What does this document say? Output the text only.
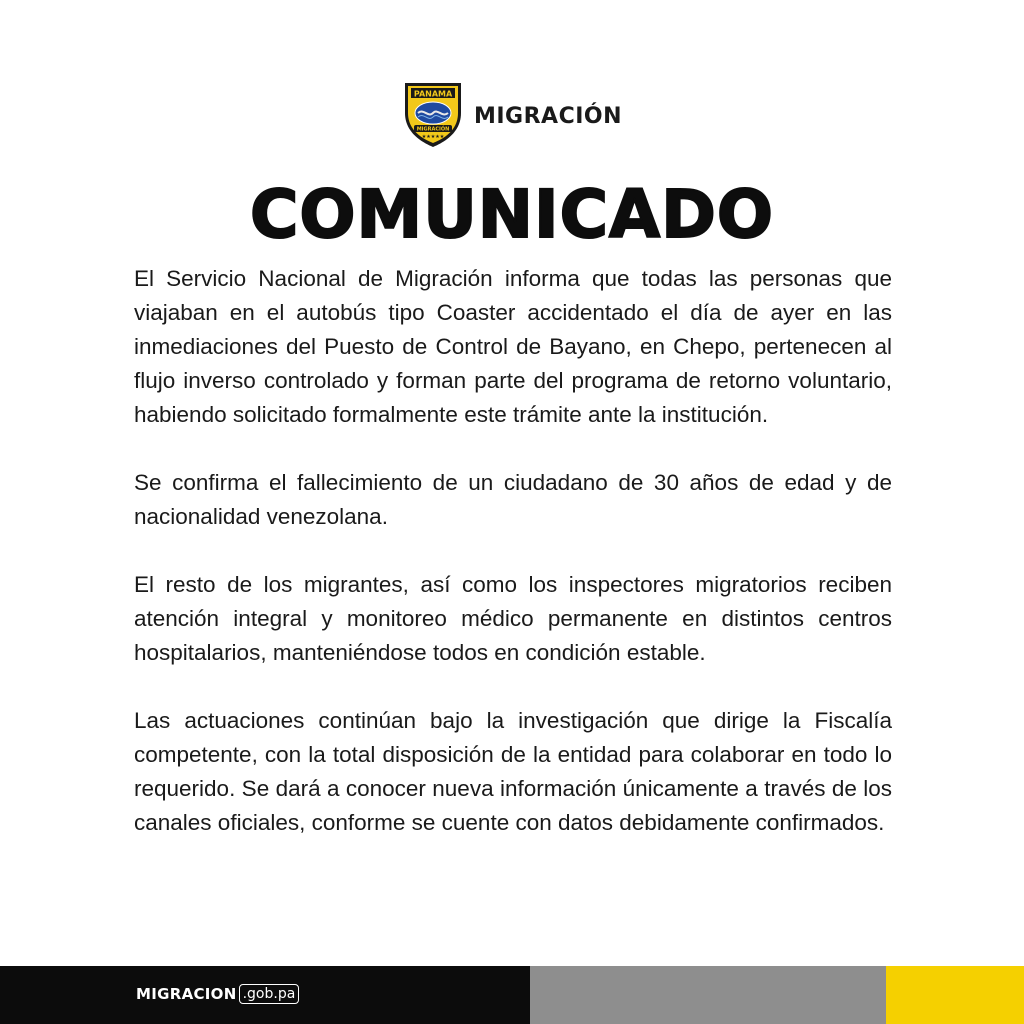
PANAMA
MIGRACIÓN
★★★★★
MIGRACIÓN
COMUNICADO

El Servicio Nacional de Migración informa que todas las personas que viajaban en el autobús tipo Coaster accidentado el día de ayer en las inmediaciones del Puesto de Control de Bayano, en Chepo, pertenecen al flujo inverso controlado y forman parte del programa de retorno voluntario, habiendo solicitado formalmente este trámite ante la institución.

Se confirma el fallecimiento de un ciudadano de 30 años de edad y de nacionalidad venezolana.

El resto de los migrantes, así como los inspectores migratorios reciben atención integral y monitoreo médico permanente en distintos centros hospitalarios, manteniéndose todos en condición estable.

Las actuaciones continúan bajo la investigación que dirige la Fiscalía competente, con la total disposición de la entidad para colaborar en todo lo requerido. Se dará a conocer nueva información únicamente a través de los canales oficiales, conforme se cuente con datos debidamente confirmados.

MIGRACION .gob.pa
